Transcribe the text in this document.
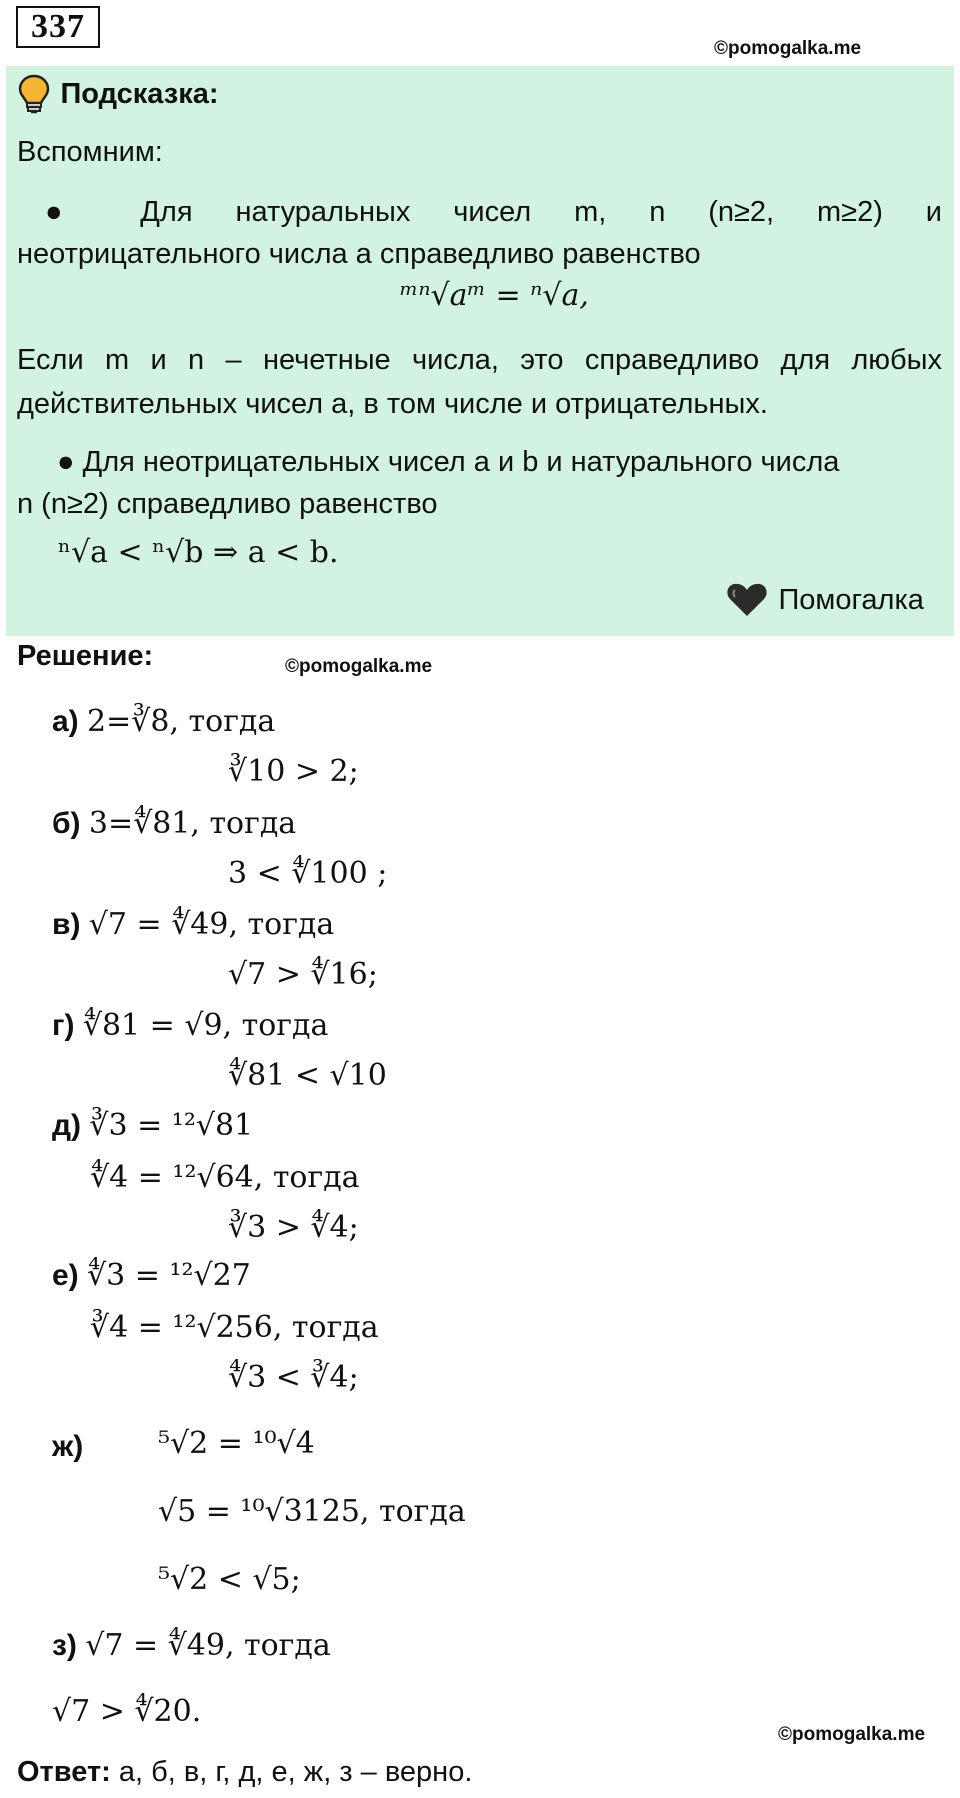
337
©pomogalka.me
Подсказка:
Вспомним:
● Для натуральных чисел m, n (n≥2, m≥2) и
неотрицательного числа a справедливо равенство
ᵐⁿ√aᵐ = ⁿ√a,
Если m и n – нечетные числа, это справедливо для любых
действительных чисел a, в том числе и отрицательных.
● Для неотрицательных чисел a и b и натурального числа
n (n≥2) справедливо равенство
ⁿ√a < ⁿ√b ⇒ a < b.
Помогалка
Решение:	©pomogalka.me
а) 2=∛8, тогда
∛10 > 2;
б) 3=∜81, тогда
3 < ∜100 ;
в) √7 = ∜49, тогда
√7 > ∜16;
г) ∜81 = √9, тогда
∜81 < √10
д) ∛3 = ¹²√81
∜4 = ¹²√64, тогда
∛3 > ∜4;
е) ∜3 = ¹²√27
∛4 = ¹²√256, тогда
∜3 < ∛4;
ж) ⁵√2 = ¹⁰√4
√5 = ¹⁰√3125, тогда
⁵√2 < √5;
з) √7 = ∜49, тогда
√7 > ∜20.
©pomogalka.me
Ответ: а, б, в, г, д, е, ж, з – верно.
